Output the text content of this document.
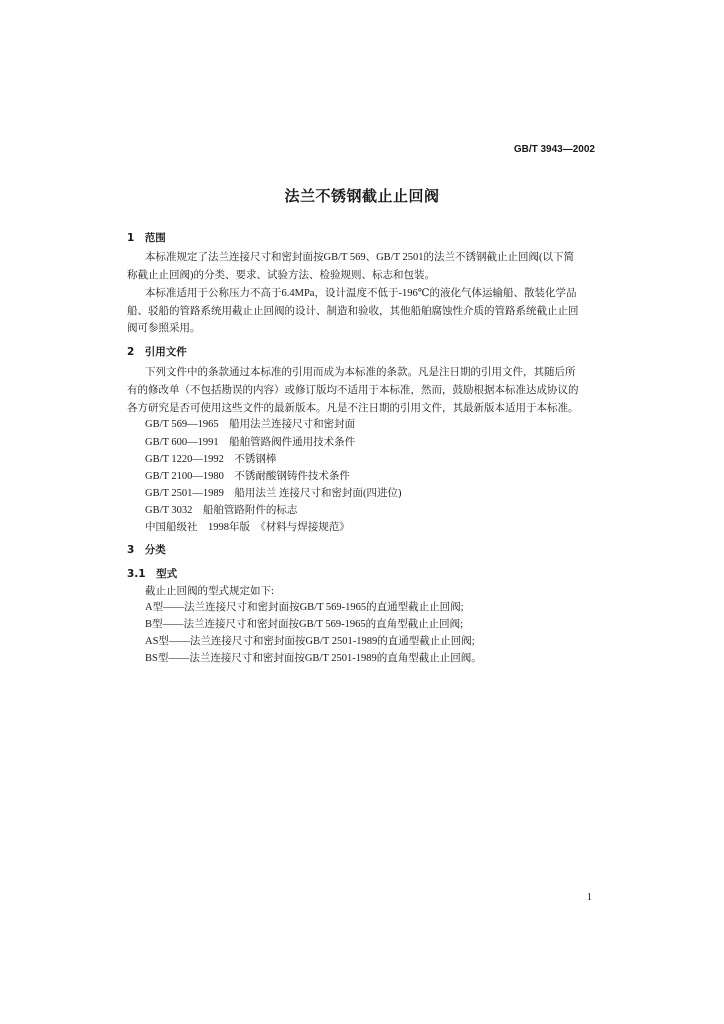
GB/T 3943—2002
法兰不锈钢截止止回阀
1　范围
本标准规定了法兰连接尺寸和密封面按GB/T 569、GB/T 2501的法兰不锈钢截止止回阀(以下简
称截止止回阀)的分类、要求、试验方法、检验规则、标志和包装。
本标准适用于公称压力不高于6.4MPa，设计温度不低于-196℃的液化气体运输船、散装化学品
船、驳船的管路系统用截止止回阀的设计、制造和验收，其他船舶腐蚀性介质的管路系统截止止回
阀可参照采用。
2　引用文件
下列文件中的条款通过本标准的引用而成为本标准的条款。凡是注日期的引用文件，其随后所
有的修改单（不包括勘误的内容）或修订版均不适用于本标准，然而，鼓励根据本标准达成协议的
各方研究是否可使用这些文件的最新版本。凡是不注日期的引用文件，其最新版本适用于本标准。
GB/T 569—1965　船用法兰连接尺寸和密封面
GB/T 600—1991　船舶管路阀件通用技术条件
GB/T 1220—1992　不锈钢棒
GB/T 2100—1980　不锈耐酸钢铸件技术条件
GB/T 2501—1989　船用法兰 连接尺寸和密封面(四进位)
GB/T 3032　船舶管路附件的标志
中国船级社　1998年版　《材料与焊接规范》
3　分类
3.1　型式
截止止回阀的型式规定如下:
A型——法兰连接尺寸和密封面按GB/T 569-1965的直通型截止止回阀;
B型——法兰连接尺寸和密封面按GB/T 569-1965的直角型截止止回阀;
AS型——法兰连接尺寸和密封面按GB/T 2501-1989的直通型截止止回阀;
BS型——法兰连接尺寸和密封面按GB/T 2501-1989的直角型截止止回阀。
1
